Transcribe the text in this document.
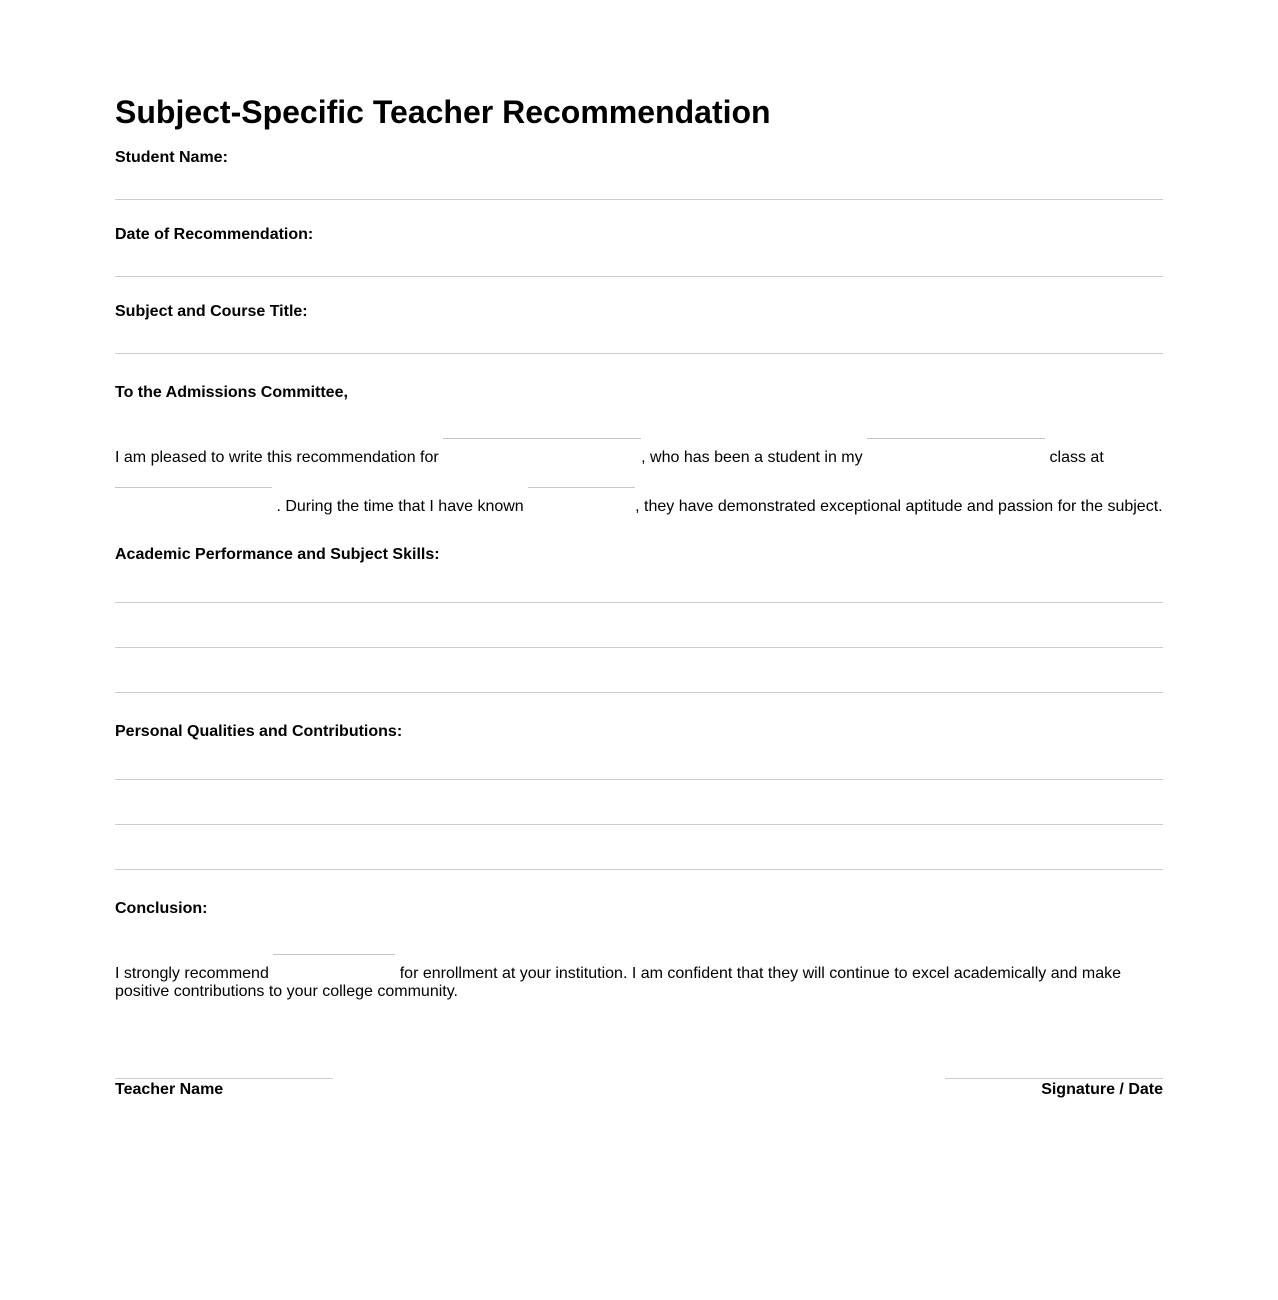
Subject-Specific Teacher Recommendation

Student Name:

Date of Recommendation:

Subject and Course Title:

To the Admissions Committee,

I am pleased to write this recommendation for	, who has been a student in my	class at  . During the time that I have known	, they have demonstrated exceptional aptitude and passion for the subject.

Academic Performance and Subject Skills:

Personal Qualities and Contributions:

Conclusion:

I strongly recommend	for enrollment at your institution. I am confident that they will continue to excel academically and make positive contributions to your college community.

Teacher Name	Signature / Date
